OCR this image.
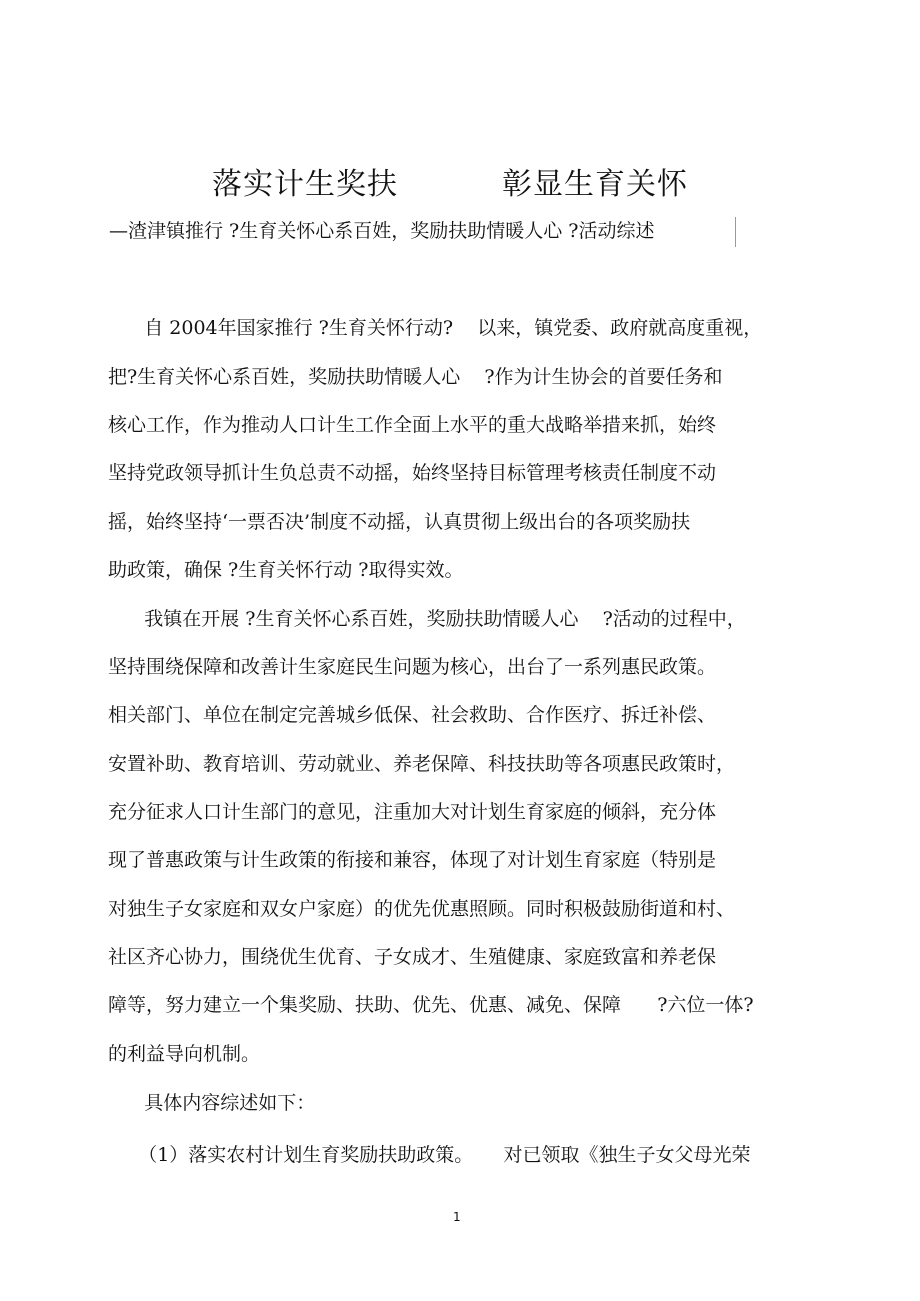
落实计生奖扶	彰显生育关怀
—渣津镇推行 ?生育关怀心系百姓，奖励扶助情暖人心 ?活动综述
自 2004年国家推行 ?生育关怀行动?    以来，镇党委、政府就高度重视，
把?生育关怀心系百姓，奖励扶助情暖人心    ?作为计生协会的首要任务和
核心工作，作为推动人口计生工作全面上水平的重大战略举措来抓，始终
坚持党政领导抓计生负总责不动摇，始终坚持目标管理考核责任制度不动
摇，始终坚持‘一票否决’制度不动摇，认真贯彻上级出台的各项奖励扶
助政策，确保 ?生育关怀行动 ?取得实效。
我镇在开展 ?生育关怀心系百姓，奖励扶助情暖人心    ?活动的过程中，
坚持围绕保障和改善计生家庭民生问题为核心，出台了一系列惠民政策。
相关部门、单位在制定完善城乡低保、社会救助、合作医疗、拆迁补偿、
安置补助、教育培训、劳动就业、养老保障、科技扶助等各项惠民政策时，
充分征求人口计生部门的意见，注重加大对计划生育家庭的倾斜，充分体
现了普惠政策与计生政策的衔接和兼容，体现了对计划生育家庭（特别是
对独生子女家庭和双女户家庭）的优先优惠照顾。同时积极鼓励街道和村、
社区齐心协力，围绕优生优育、子女成才、生殖健康、家庭致富和养老保
障等，努力建立一个集奖励、扶助、优先、优惠、减免、保障      ?六位一体?
的利益导向机制。
具体内容综述如下：
（1）落实农村计划生育奖励扶助政策。     对已领取《独生子女父母光荣
1
